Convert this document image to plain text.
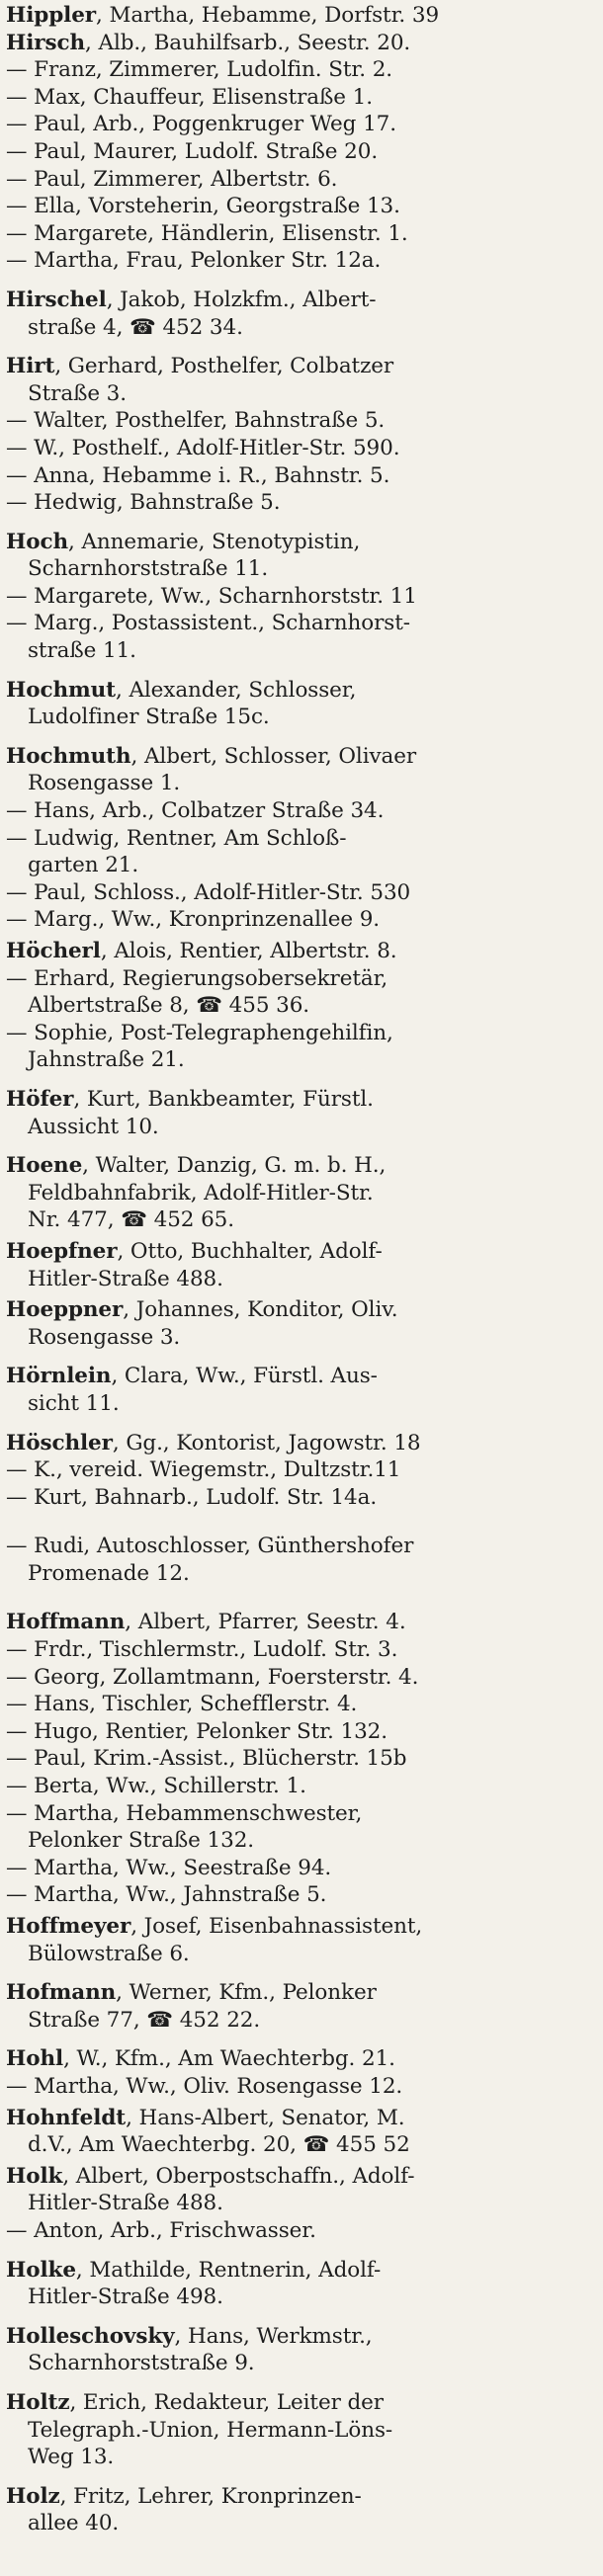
Hippler, Martha, Hebamme, Dorfstr. 39
Hirsch, Alb., Bauhilfsarb., Seestr. 20.
— Franz, Zimmerer, Ludolfin. Str. 2.
— Max, Chauffeur, Elisenstraße 1.
— Paul, Arb., Poggenkruger Weg 17.
— Paul, Maurer, Ludolf. Straße 20.
— Paul, Zimmerer, Albertstr. 6.
— Ella, Vorsteherin, Georgstraße 13.
— Margarete, Händlerin, Elisenstr. 1.
— Martha, Frau, Pelonker Str. 12a.
Hirschel, Jakob, Holzkfm., Albert-
straße 4, ☎ 452 34.
Hirt, Gerhard, Posthelfer, Colbatzer
Straße 3.
— Walter, Posthelfer, Bahnstraße 5.
— W., Posthelf., Adolf-Hitler-Str. 590.
— Anna, Hebamme i. R., Bahnstr. 5.
— Hedwig, Bahnstraße 5.
Hoch, Annemarie, Stenotypistin,
Scharnhorststraße 11.
— Margarete, Ww., Scharnhorststr. 11
— Marg., Postassistent., Scharnhorst-
straße 11.
Hochmut, Alexander, Schlosser,
Ludolfiner Straße 15c.
Hochmuth, Albert, Schlosser, Olivaer
Rosengasse 1.
— Hans, Arb., Colbatzer Straße 34.
— Ludwig, Rentner, Am Schloß-
garten 21.
— Paul, Schloss., Adolf-Hitler-Str. 530
— Marg., Ww., Kronprinzenallee 9.
Höcherl, Alois, Rentier, Albertstr. 8.
— Erhard, Regierungsobersekretär,
Albertstraße 8, ☎ 455 36.
— Sophie, Post-Telegraphengehilfin,
Jahnstraße 21.
Höfer, Kurt, Bankbeamter, Fürstl.
Aussicht 10.
Hoene, Walter, Danzig, G. m. b. H.,
Feldbahnfabrik, Adolf-Hitler-Str.
Nr. 477, ☎ 452 65.
Hoepfner, Otto, Buchhalter, Adolf-
Hitler-Straße 488.
Hoeppner, Johannes, Konditor, Oliv.
Rosengasse 3.
Hörnlein, Clara, Ww., Fürstl. Aus-
sicht 11.
Höschler, Gg., Kontorist, Jagowstr. 18
— K., vereid. Wiegemstr., Dultzstr.11
— Kurt, Bahnarb., Ludolf. Str. 14a.
— Rudi, Autoschlosser, Günthershofer
Promenade 12.
Hoffmann, Albert, Pfarrer, Seestr. 4.
— Frdr., Tischlermstr., Ludolf. Str. 3.
— Georg, Zollamtmann, Foersterstr. 4.
— Hans, Tischler, Schefflerstr. 4.
— Hugo, Rentier, Pelonker Str. 132.
— Paul, Krim.-Assist., Blücherstr. 15b
— Berta, Ww., Schillerstr. 1.
— Martha, Hebammenschwester,
Pelonker Straße 132.
— Martha, Ww., Seestraße 94.
— Martha, Ww., Jahnstraße 5.
Hoffmeyer, Josef, Eisenbahnassistent,
Bülowstraße 6.
Hofmann, Werner, Kfm., Pelonker
Straße 77, ☎ 452 22.
Hohl, W., Kfm., Am Waechterbg. 21.
— Martha, Ww., Oliv. Rosengasse 12.
Hohnfeldt, Hans-Albert, Senator, M.
d.V., Am Waechterbg. 20, ☎ 455 52
Holk, Albert, Oberpostschaffn., Adolf-
Hitler-Straße 488.
— Anton, Arb., Frischwasser.
Holke, Mathilde, Rentnerin, Adolf-
Hitler-Straße 498.
Holleschovsky, Hans, Werkmstr.,
Scharnhorststraße 9.
Holtz, Erich, Redakteur, Leiter der
Telegraph.-Union, Hermann-Löns-
Weg 13.
Holz, Fritz, Lehrer, Kronprinzen-
allee 40.
